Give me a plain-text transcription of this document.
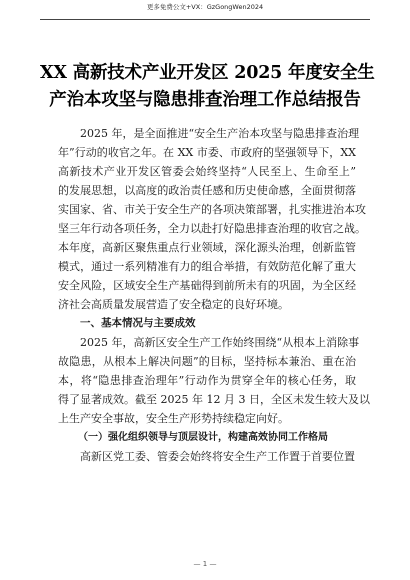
更多免费公文+VX：GzGongWen2024
XX 高新技术产业开发区 2025 年度安全生
产治本攻坚与隐患排查治理工作总结报告
2025 年，是全面推进“安全生产治本攻坚与隐患排查治理
年”行动的收官之年。在 XX 市委、市政府的坚强领导下，XX
高新技术产业开发区管委会始终坚持“人民至上、生命至上”
的发展思想，以高度的政治责任感和历史使命感，全面贯彻落
实国家、省、市关于安全生产的各项决策部署，扎实推进治本攻
坚三年行动各项任务，全力以赴打好隐患排查治理的收官之战。
本年度，高新区聚焦重点行业领域，深化源头治理，创新监管
模式，通过一系列精准有力的组合举措，有效防范化解了重大
安全风险，区域安全生产基础得到前所未有的巩固，为全区经
济社会高质量发展营造了安全稳定的良好环境。
一、基本情况与主要成效
2025 年，高新区安全生产工作始终围绕“从根本上消除事
故隐患，从根本上解决问题”的目标，坚持标本兼治、重在治
本，将“隐患排查治理年”行动作为贯穿全年的核心任务，取
得了显著成效。截至 2025 年 12 月 3 日，全区未发生较大及以
上生产安全事故，安全生产形势持续稳定向好。
（一）强化组织领导与顶层设计，构建高效协同工作格局
高新区党工委、管委会始终将安全生产工作置于首要位置
— 1 —
